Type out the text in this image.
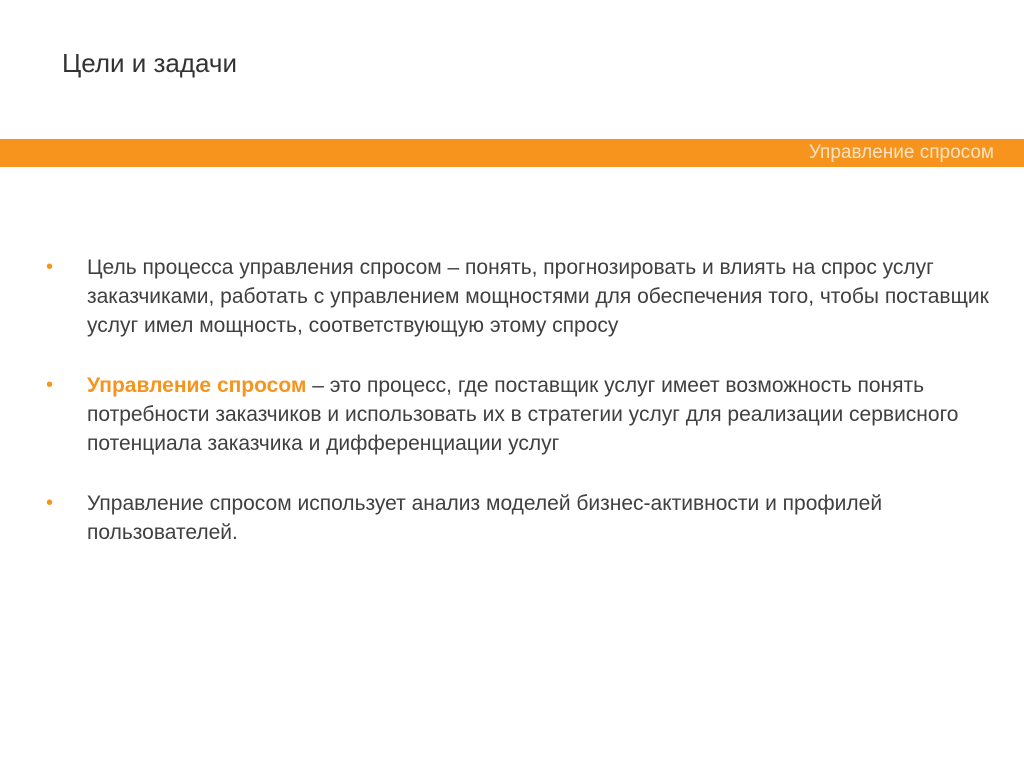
Цели и задачи
Управление спросом
• Цель процесса управления спросом – понять, прогнозировать и влиять на спрос услуг заказчиками, работать с управлением мощностями для обеспечения того, чтобы поставщик услуг имел мощность, соответствующую этому спросу
• Управление спросом – это процесс, где поставщик услуг имеет возможность понять потребности заказчиков и использовать их в стратегии услуг для реализации сервисного потенциала заказчика и дифференциации услуг
• Управление спросом использует анализ моделей бизнес-активности и профилей пользователей.
